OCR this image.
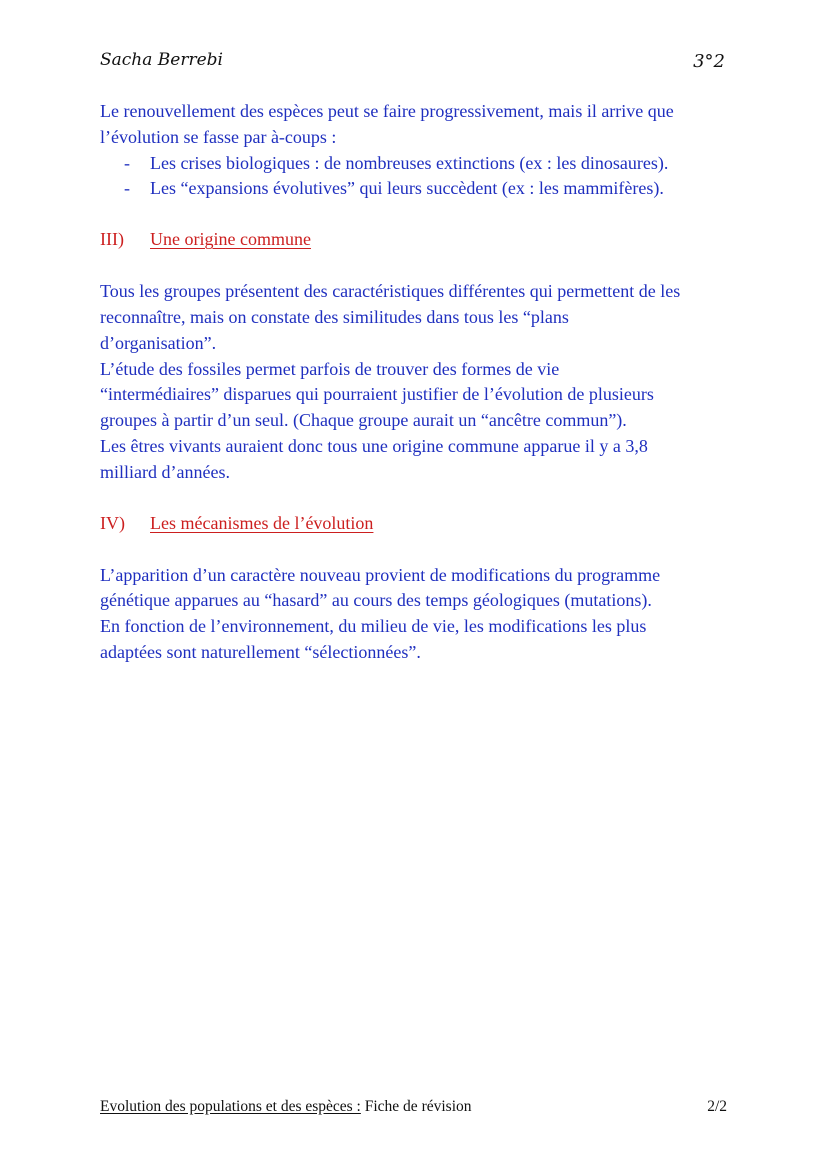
Sacha Berrebi	3°2

Le renouvellement des espèces peut se faire progressivement, mais il arrive que

l’évolution se fasse par à-coups :

- Les crises biologiques : de nombreuses extinctions (ex : les dinosaures).
- Les “expansions évolutives” qui leurs succèdent (ex : les mammifères).
III) Une origine commune

Tous les groupes présentent des caractéristiques différentes qui permettent de les

reconnaître, mais on constate des similitudes dans tous les “plans

d’organisation”.

L’étude des fossiles permet parfois de trouver des formes de vie

“intermédiaires” disparues qui pourraient justifier de l’évolution de plusieurs

groupes à partir d’un seul. (Chaque groupe aurait un “ancêtre commun”).

Les êtres vivants auraient donc tous une origine commune apparue il y a 3,8

milliard d’années.

IV) Les mécanismes de l’évolution

L’apparition d’un caractère nouveau provient de modifications du programme

génétique apparues au “hasard” au cours des temps géologiques (mutations).

En fonction de l’environnement, du milieu de vie, les modifications les plus

adaptées sont naturellement “sélectionnées”.

Evolution des populations et des espèces : Fiche de révision	2/2
